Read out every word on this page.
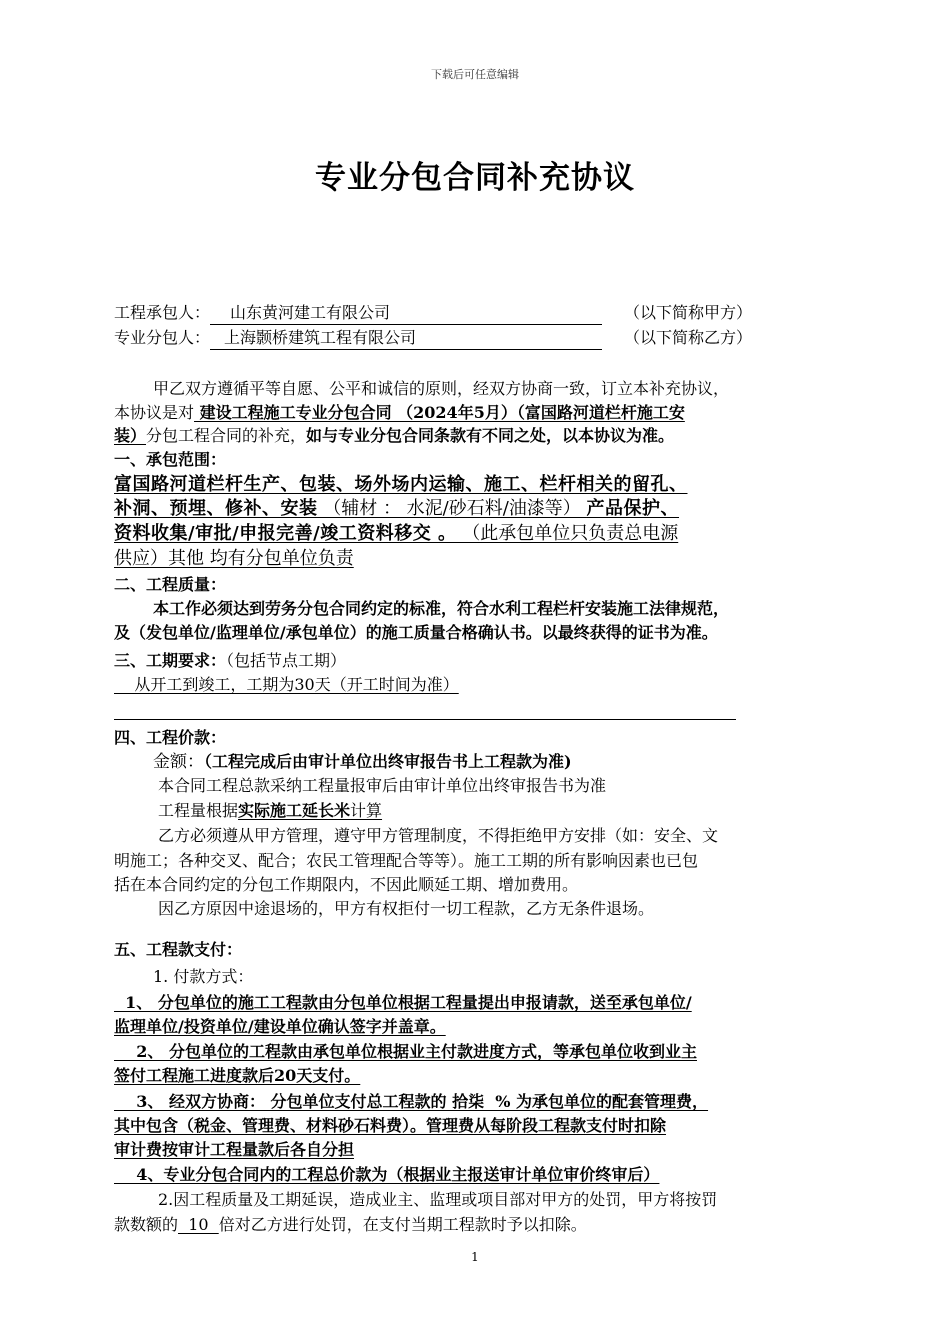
下载后可任意编辑
专业分包合同补充协议
工程承包人： 山东黄河建工有限公司	（以下简称甲方）
专业分包人： 上海颢桥建筑工程有限公司	（以下简称乙方）
甲乙双方遵循平等自愿、公平和诚信的原则，经双方协商一致，订立本补充协议，
本协议是对 建设工程施工专业分包合同 （2024年5月）（富国路河道栏杆施工安
装）分包工程合同的补充，如与专业分包合同条款有不同之处，以本协议为准。
一、承包范围：
富国路河道栏杆生产、包装、场外场内运输、施工、栏杆相关的留孔、
补洞、预埋、修补、安装 （辅材 ： 水泥/砂石料/油漆等） 产品保护、
资料收集/审批/申报完善/竣工资料移交 。 （此承包单位只负责总电源
供应）其他 均有分包单位负责
二、工程质量：
本工作必须达到劳务分包合同约定的标准，符合水利工程栏杆安装施工法律规范，
及（发包单位/监理单位/承包单位）的施工质量合格确认书。以最终获得的证书为准。
三、工期要求：（包括节点工期）
从开工到竣工，工期为30天（开工时间为准）
四、工程价款：
金额：（工程完成后由审计单位出终审报告书上工程款为准)
本合同工程总款采纳工程量报审后由审计单位出终审报告书为准
工程量根据实际施工延长米计算
乙方必须遵从甲方管理，遵守甲方管理制度，不得拒绝甲方安排（如：安全、文
明施工；各种交叉、配合；农民工管理配合等等）。施工工期的所有影响因素也已包
括在本合同约定的分包工作期限内，不因此顺延工期、增加费用。
因乙方原因中途退场的，甲方有权拒付一切工程款，乙方无条件退场。
五、工程款支付：
1. 付款方式：
1、 分包单位的施工工程款由分包单位根据工程量提出申报请款，送至承包单位/
监理单位/投资单位/建设单位确认签字并盖章。
2、 分包单位的工程款由承包单位根据业主付款进度方式，等承包单位收到业主
签付工程施工进度款后20天支付。
3、 经双方协商： 分包单位支付总工程款的 拾柒  % 为承包单位的配套管理费，
其中包含（税金、管理费、材料砂石料费）。管理费从每阶段工程款支付时扣除
审计费按审计工程量款后各自分担
4、专业分包合同内的工程总价款为（根据业主报送审计单位审价终审后）
2.因工程质量及工期延误，造成业主、监理或项目部对甲方的处罚，甲方将按罚
款数额的  10  倍对乙方进行处罚，在支付当期工程款时予以扣除。
1
